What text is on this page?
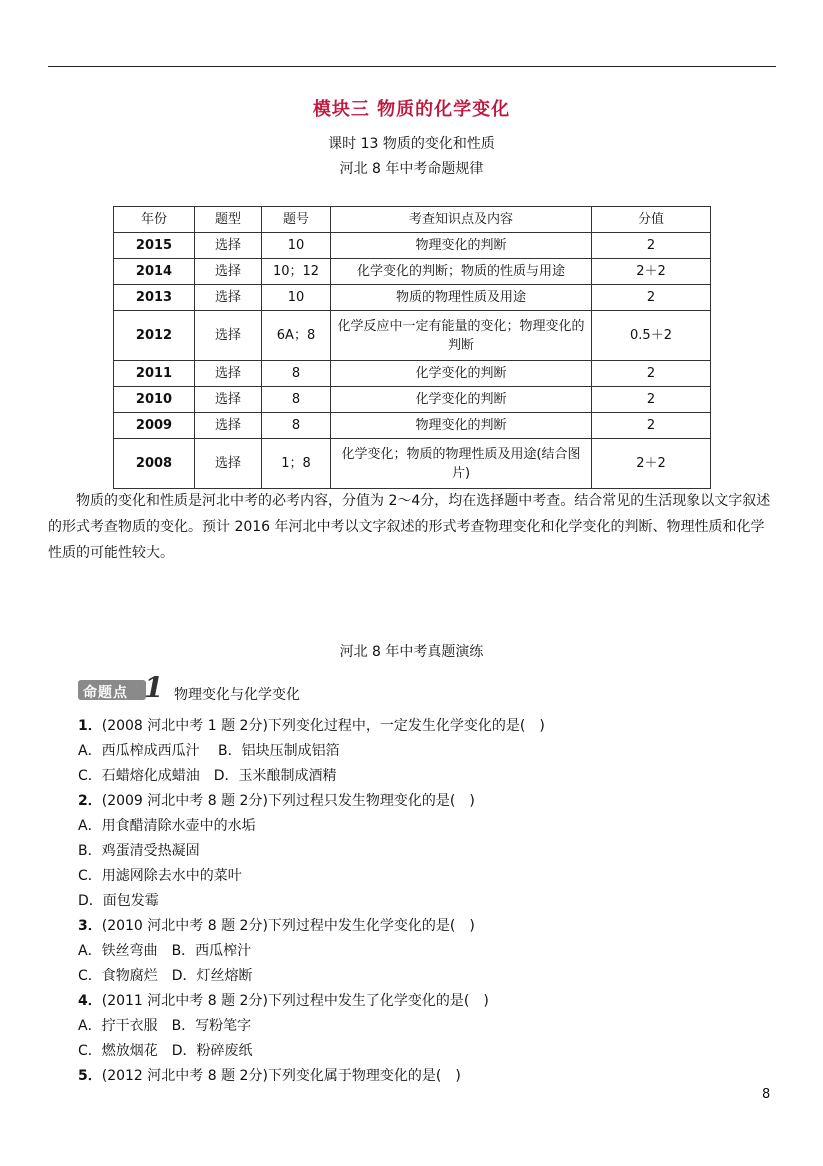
模块三 物质的化学变化
课时 13 物质的变化和性质
河北 8 年中考命题规律
年份	题型	题号	考查知识点及内容	分值
2015	选择	10	物理变化的判断	2
2014	选择	10；12	化学变化的判断；物质的性质与用途	2＋2
2013	选择	10	物质的物理性质及用途	2
2012	选择	6A；8	化学反应中一定有能量的变化；物理变化的判断	0.5＋2
2011	选择	8	化学变化的判断	2
2010	选择	8	化学变化的判断	2
2009	选择	8	物理变化的判断	2
2008	选择	1；8	化学变化；物质的物理性质及用途(结合图片)	2＋2
物质的变化和性质是河北中考的必考内容，分值为 2～4分，均在选择题中考查。结合常见的生活现象以文字叙述的形式考查物质的变化。预计 2016 年河北中考以文字叙述的形式考查物理变化和化学变化的判断、物理性质和化学性质的可能性较大。
河北 8 年中考真题演练
命题点 1 物理变化与化学变化
1．(2008 河北中考 1 题 2分)下列变化过程中，一定发生化学变化的是(　)
A．西瓜榨成西瓜汁　 B．铝块压制成铝箔
C．石蜡熔化成蜡油　D．玉米酿制成酒精
2．(2009 河北中考 8 题 2分)下列过程只发生物理变化的是(　)
A．用食醋清除水壶中的水垢
B．鸡蛋清受热凝固
C．用滤网除去水中的菜叶
D．面包发霉
3．(2010 河北中考 8 题 2分)下列过程中发生化学变化的是(　)
A．铁丝弯曲　B．西瓜榨汁
C．食物腐烂　D．灯丝熔断
4．(2011 河北中考 8 题 2分)下列过程中发生了化学变化的是(　)
A．拧干衣服　B．写粉笔字
C．燃放烟花　D．粉碎废纸
5．(2012 河北中考 8 题 2分)下列变化属于物理变化的是(　)
8
